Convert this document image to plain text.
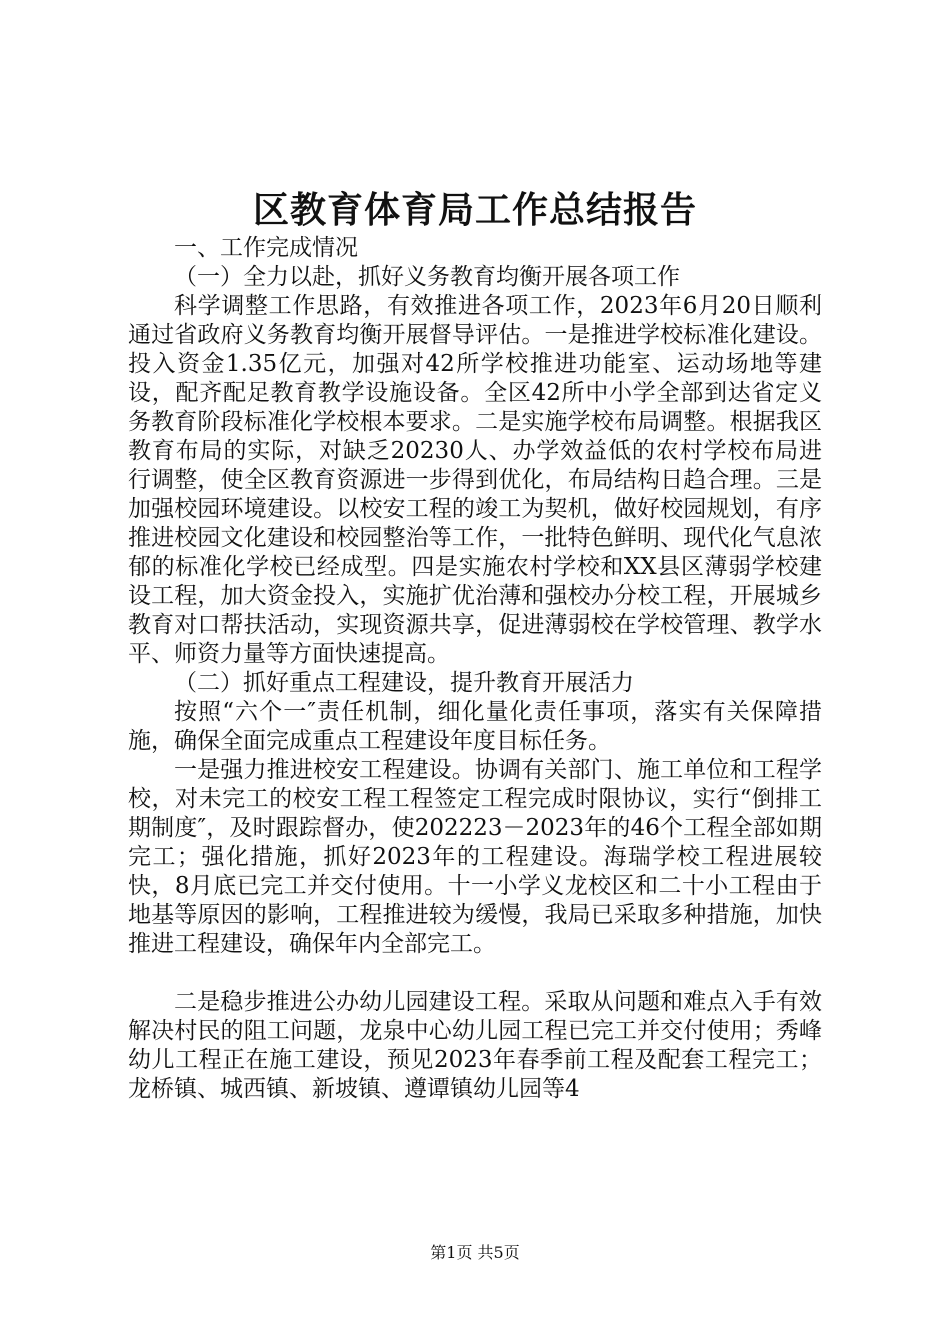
区教育体育局工作总结报告

一、工作完成情况

（一）全力以赴，抓好义务教育均衡开展各项工作

科学调整工作思路，有效推进各项工作，2023年6月20日顺利通过省政府义务教育均衡开展督导评估。一是推进学校标准化建设。投入资金1.35亿元，加强对42所学校推进功能室、运动场地等建设，配齐配足教育教学设施设备。全区42所中小学全部到达省定义务教育阶段标准化学校根本要求。二是实施学校布局调整。根据我区教育布局的实际，对缺乏20230人、办学效益低的农村学校布局进行调整，使全区教育资源进一步得到优化，布局结构日趋合理。三是加强校园环境建设。以校安工程的竣工为契机，做好校园规划，有序推进校园文化建设和校园整治等工作，一批特色鲜明、现代化气息浓郁的标准化学校已经成型。四是实施农村学校和XX县区薄弱学校建设工程，加大资金投入，实施扩优治薄和强校办分校工程，开展城乡教育对口帮扶活动，实现资源共享，促进薄弱校在学校管理、教学水平、师资力量等方面快速提高。

（二）抓好重点工程建设，提升教育开展活力

按照“六个一″责任机制，细化量化责任事项，落实有关保障措施，确保全面完成重点工程建设年度目标任务。

一是强力推进校安工程建设。协调有关部门、施工单位和工程学校，对未完工的校安工程工程签定工程完成时限协议，实行“倒排工期制度″，及时跟踪督办，使202223－2023年的46个工程全部如期完工；强化措施，抓好2023年的工程建设。海瑞学校工程进展较快，8月底已完工并交付使用。十一小学义龙校区和二十小工程由于地基等原因的影响，工程推进较为缓慢，我局已采取多种措施，加快推进工程建设，确保年内全部完工。

二是稳步推进公办幼儿园建设工程。采取从问题和难点入手有效解决村民的阻工问题，龙泉中心幼儿园工程已完工并交付使用；秀峰幼儿工程正在施工建设，预见2023年春季前工程及配套工程完工；龙桥镇、城西镇、新坡镇、遵谭镇幼儿园等4

第1页 共5页
